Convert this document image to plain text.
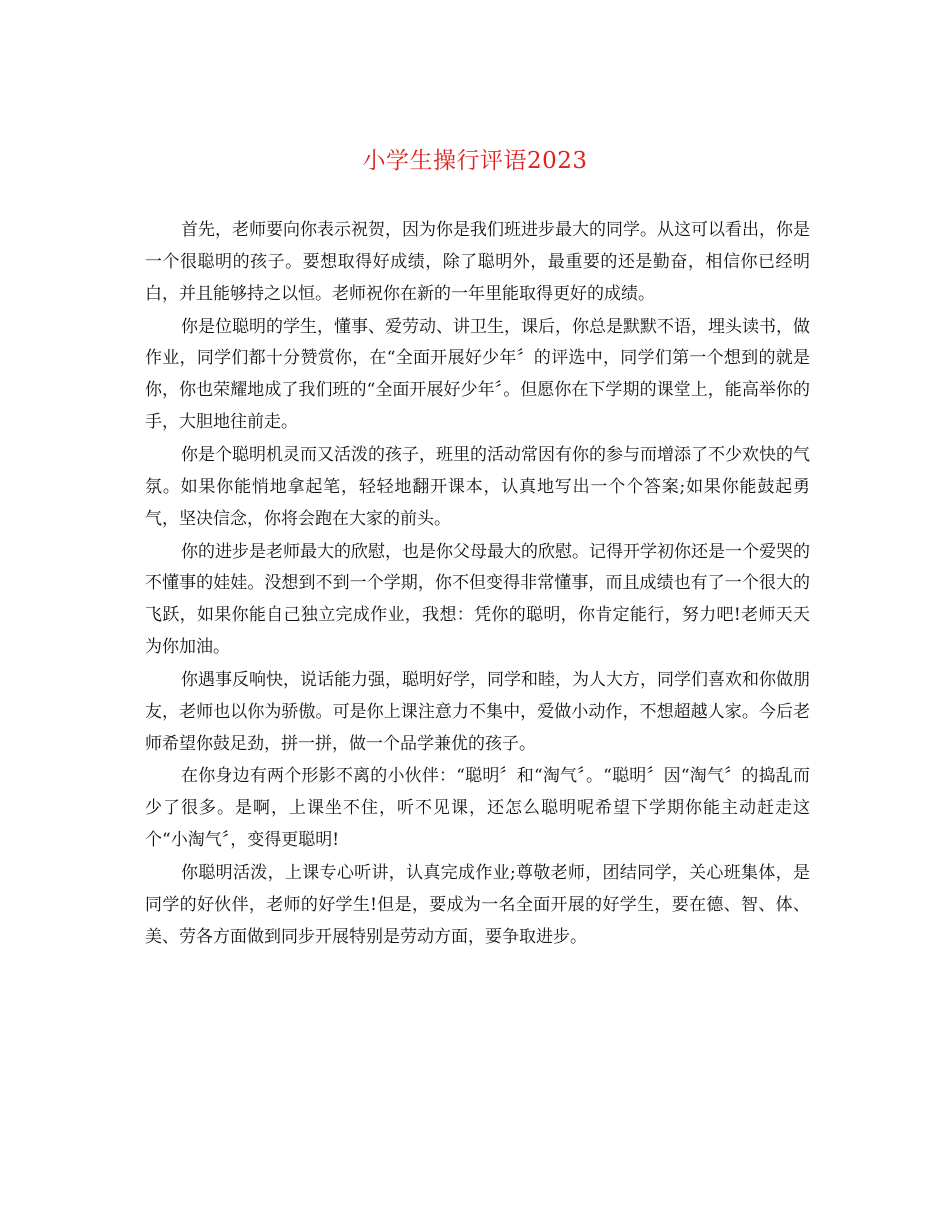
小学生操行评语2023

首先，老师要向你表示祝贺，因为你是我们班进步最大的同学。从这可以看出，你是一个很聪明的孩子。要想取得好成绩，除了聪明外，最重要的还是勤奋，相信你已经明白，并且能够持之以恒。老师祝你在新的一年里能取得更好的成绩。

你是位聪明的学生，懂事、爱劳动、讲卫生，课后，你总是默默不语，埋头读书，做作业，同学们都十分赞赏你，在“全面开展好少年〞的评选中，同学们第一个想到的就是你，你也荣耀地成了我们班的“全面开展好少年〞。但愿你在下学期的课堂上，能高举你的手，大胆地往前走。

你是个聪明机灵而又活泼的孩子，班里的活动常因有你的参与而增添了不少欢快的气氛。如果你能悄地拿起笔，轻轻地翻开课本，认真地写出一个个答案;如果你能鼓起勇气，坚决信念，你将会跑在大家的前头。

你的进步是老师最大的欣慰，也是你父母最大的欣慰。记得开学初你还是一个爱哭的不懂事的娃娃。没想到不到一个学期，你不但变得非常懂事，而且成绩也有了一个很大的飞跃，如果你能自己独立完成作业，我想：凭你的聪明，你肯定能行，努力吧!老师天天为你加油。

你遇事反响快，说话能力强，聪明好学，同学和睦，为人大方，同学们喜欢和你做朋友，老师也以你为骄傲。可是你上课注意力不集中，爱做小动作，不想超越人家。今后老师希望你鼓足劲，拼一拼，做一个品学兼优的孩子。

在你身边有两个形影不离的小伙伴：“聪明〞和“淘气〞。“聪明〞因“淘气〞的捣乱而少了很多。是啊，上课坐不住，听不见课，还怎么聪明呢希望下学期你能主动赶走这个“小淘气〞，变得更聪明!

你聪明活泼，上课专心听讲，认真完成作业;尊敬老师，团结同学，关心班集体，是同学的好伙伴，老师的好学生!但是，要成为一名全面开展的好学生，要在德、智、体、美、劳各方面做到同步开展特别是劳动方面，要争取进步。
